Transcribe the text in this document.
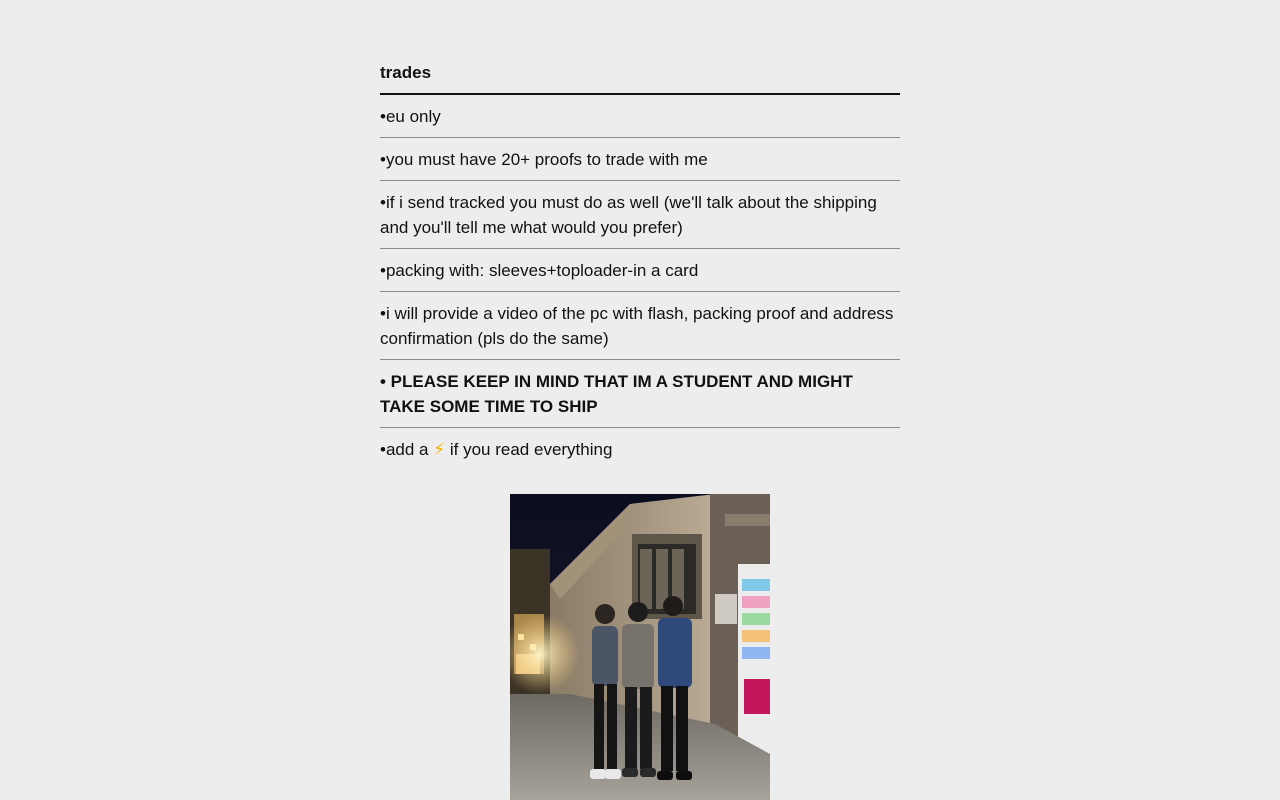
trades
•eu only
•you must have 20+ proofs to trade with me
•if i send tracked you must do as well (we'll talk about the shipping and you'll tell me what would you prefer)
•packing with: sleeves+toploader-in a card
•i will provide a video of the pc with flash, packing proof and address confirmation (pls do the same)
• PLEASE KEEP IN MIND THAT IM A STUDENT AND MIGHT TAKE SOME TIME TO SHIP
•add a ⚡ if you read everything
